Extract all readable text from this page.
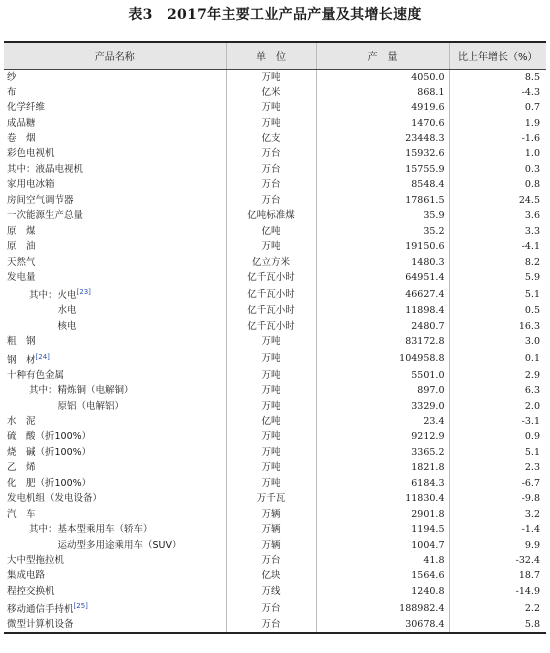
表3　2017年主要工业产品产量及其增长速度
产品名称	单　位	产　量	比上年增长（%）
纱	万吨	4050.0	8.5
布	亿米	868.1	-4.3
化学纤维	万吨	4919.6	0.7
成品糖	万吨	1470.6	1.9
卷　烟	亿支	23448.3	-1.6
彩色电视机	万台	15932.6	1.0
其中：液晶电视机	万台	15755.9	0.3
家用电冰箱	万台	8548.4	0.8
房间空气调节器	万台	17861.5	24.5
一次能源生产总量	亿吨标准煤	35.9	3.6
原　煤	亿吨	35.2	3.3
原　油	万吨	19150.6	-4.1
天然气	亿立方米	1480.3	8.2
发电量	亿千瓦小时	64951.4	5.9
其中：火电[23]	亿千瓦小时	46627.4	5.1
　　　水电	亿千瓦小时	11898.4	0.5
　　　核电	亿千瓦小时	2480.7	16.3
粗　钢	万吨	83172.8	3.0
钢　材[24]	万吨	104958.8	0.1
十种有色金属	万吨	5501.0	2.9
其中：精炼铜（电解铜）	万吨	897.0	6.3
　　　原铝（电解铝）	万吨	3329.0	2.0
水　泥	亿吨	23.4	-3.1
硫　酸（折100%）	万吨	9212.9	0.9
烧　碱（折100%）	万吨	3365.2	5.1
乙　烯	万吨	1821.8	2.3
化　肥（折100%）	万吨	6184.3	-6.7
发电机组（发电设备）	万千瓦	11830.4	-9.8
汽　车	万辆	2901.8	3.2
其中：基本型乘用车（轿车）	万辆	1194.5	-1.4
　　　运动型多用途乘用车（SUV）	万辆	1004.7	9.9
大中型拖拉机	万台	41.8	-32.4
集成电路	亿块	1564.6	18.7
程控交换机	万线	1240.8	-14.9
移动通信手持机[25]	万台	188982.4	2.2
微型计算机设备	万台	30678.4	5.8
